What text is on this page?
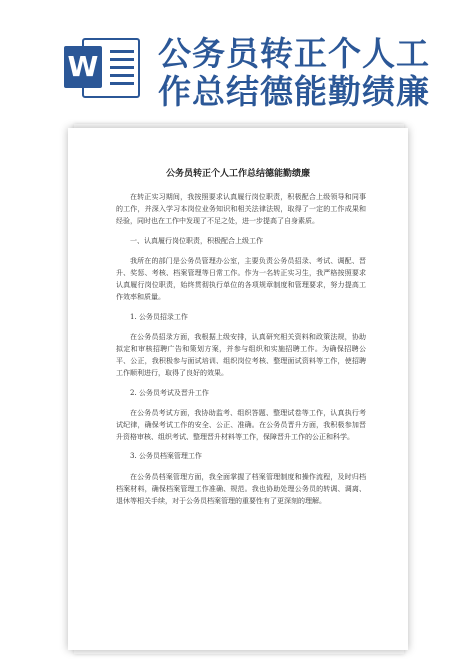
W 公务员转正个人工
作总结德能勤绩廉
公务员转正个人工作总结德能勤绩廉

在转正实习期间，我按照要求认真履行岗位职责，积极配合上级领导和同事的工作，并深入学习本岗位业务知识和相关法律法规，取得了一定的工作成果和经验，同时也在工作中发现了不足之处，进一步提高了自身素质。

一、认真履行岗位职责，积极配合上级工作

我所在的部门是公务员管理办公室，主要负责公务员招录、考试、调配、晋升、奖惩、考核、档案管理等日常工作。作为一名转正实习生，我严格按照要求认真履行岗位职责，始终贯彻执行单位的各项规章制度和管理要求，努力提高工作效率和质量。

1. 公务员招录工作

在公务员招录方面，我根据上级安排，认真研究相关资料和政策法规，协助拟定和审核招聘广告和策划方案，并参与组织和实施招聘工作。为确保招聘公平、公正，我积极参与面试培训、组织岗位考核、整理面试资料等工作，使招聘工作顺利进行，取得了良好的效果。

2. 公务员考试及晋升工作

在公务员考试方面，我协助监考、组织答题、整理试卷等工作，认真执行考试纪律，确保考试工作的安全、公正、准确。在公务员晋升方面，我积极参加晋升资格审核、组织考试、整理晋升材料等工作，保障晋升工作的公正和科学。

3. 公务员档案管理工作

在公务员档案管理方面，我全面掌握了档案管理制度和操作流程，及时归档档案材料，确保档案管理工作准确、规范。我也协助处理公务员的转调、调离、退休等相关手续，对于公务员档案管理的重要性有了更深刻的理解。
